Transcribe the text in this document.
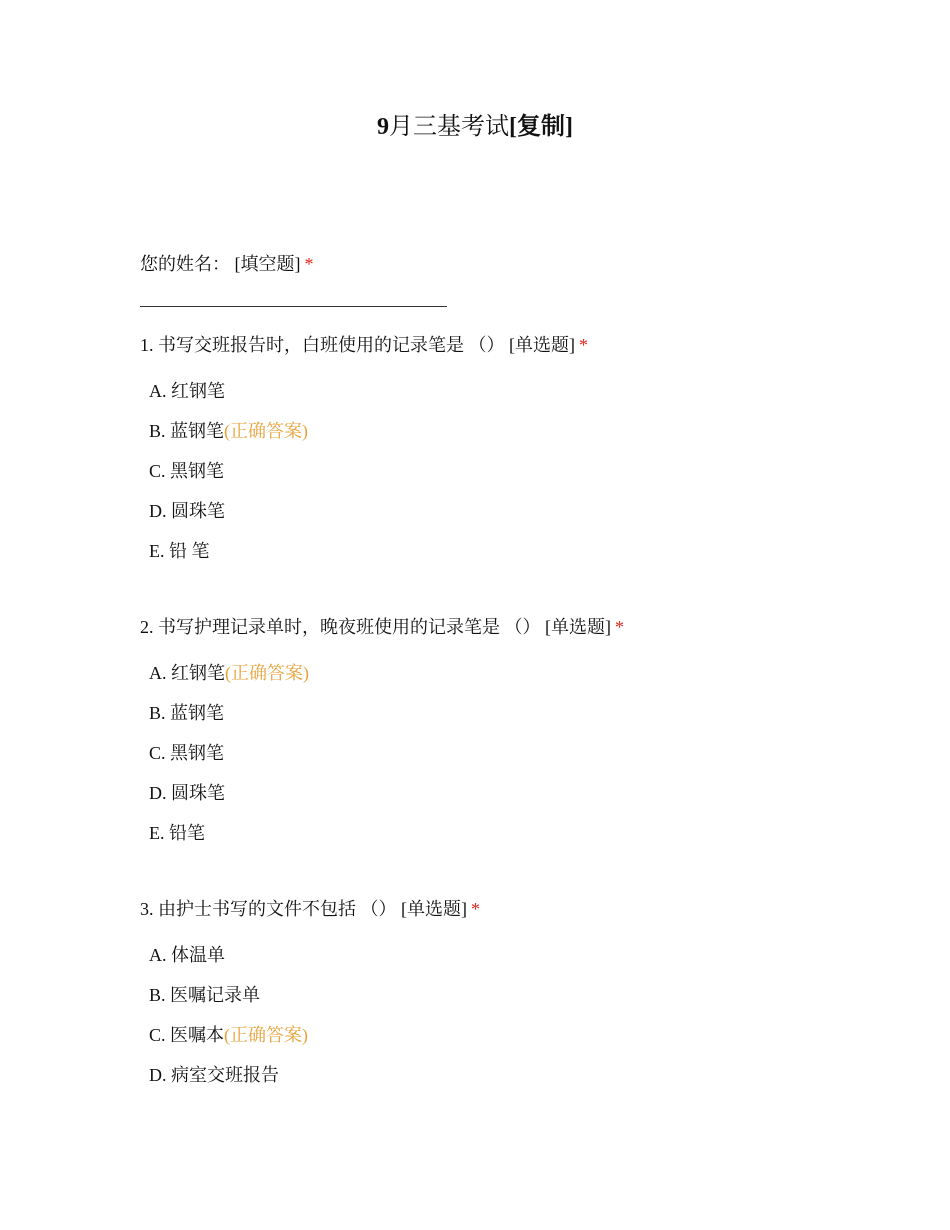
9月三基考试[复制]
您的姓名： [填空题] *
1. 书写交班报告时，白班使用的记录笔是 （） [单选题] *
A. 红钢笔
B. 蓝钢笔(正确答案)
C. 黑钢笔
D. 圆珠笔
E. 铅 笔
2. 书写护理记录单时，晚夜班使用的记录笔是 （） [单选题] *
A. 红钢笔(正确答案)
B. 蓝钢笔
C. 黑钢笔
D. 圆珠笔
E. 铅笔
3. 由护士书写的文件不包括 （） [单选题] *
A. 体温单
B. 医嘱记录单
C. 医嘱本(正确答案)
D. 病室交班报告
